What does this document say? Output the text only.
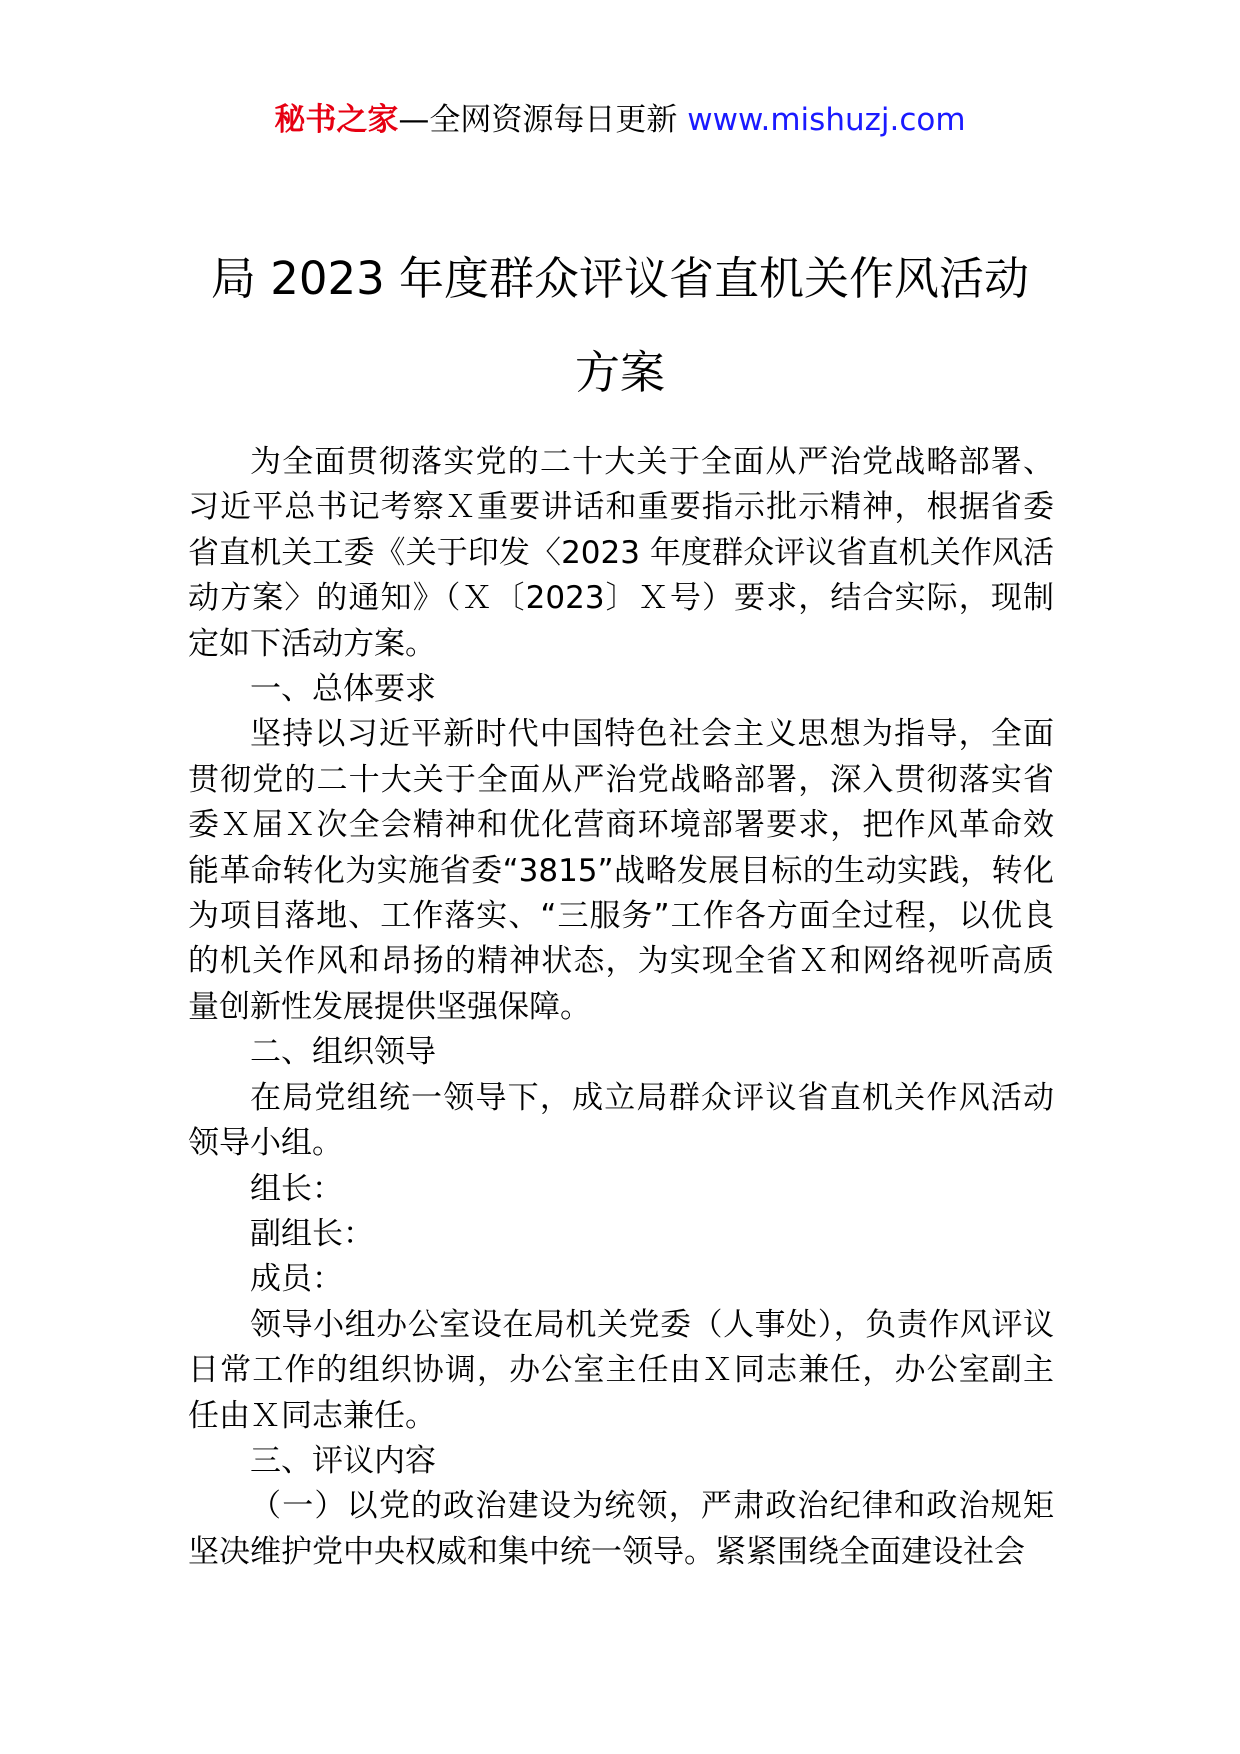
秘书之家—全网资源每日更新 www.mishuzj.com
局 2023 年度群众评议省直机关作风活动
方案

为全面贯彻落实党的二十大关于全面从严治党战略部署、习近平总书记考察Ｘ重要讲话和重要指示批示精神，根据省委省直机关工委《关于印发〈2023 年度群众评议省直机关作风活动方案〉的通知》（Ｘ〔2023〕Ｘ号）要求，结合实际，现制定如下活动方案。

一、总体要求

坚持以习近平新时代中国特色社会主义思想为指导，全面贯彻党的二十大关于全面从严治党战略部署，深入贯彻落实省委Ｘ届Ｘ次全会精神和优化营商环境部署要求，把作风革命效能革命转化为实施省委“3815”战略发展目标的生动实践，转化为项目落地、工作落实、“三服务”工作各方面全过程，以优良的机关作风和昂扬的精神状态，为实现全省Ｘ和网络视听高质量创新性发展提供坚强保障。

二、组织领导

在局党组统一领导下，成立局群众评议省直机关作风活动领导小组。

组长：

副组长：

成员：

领导小组办公室设在局机关党委（人事处），负责作风评议日常工作的组织协调，办公室主任由Ｘ同志兼任，办公室副主任由Ｘ同志兼任。

三、评议内容

（一）以党的政治建设为统领，严肃政治纪律和政治规矩坚决维护党中央权威和集中统一领导。紧紧围绕全面建设社会
